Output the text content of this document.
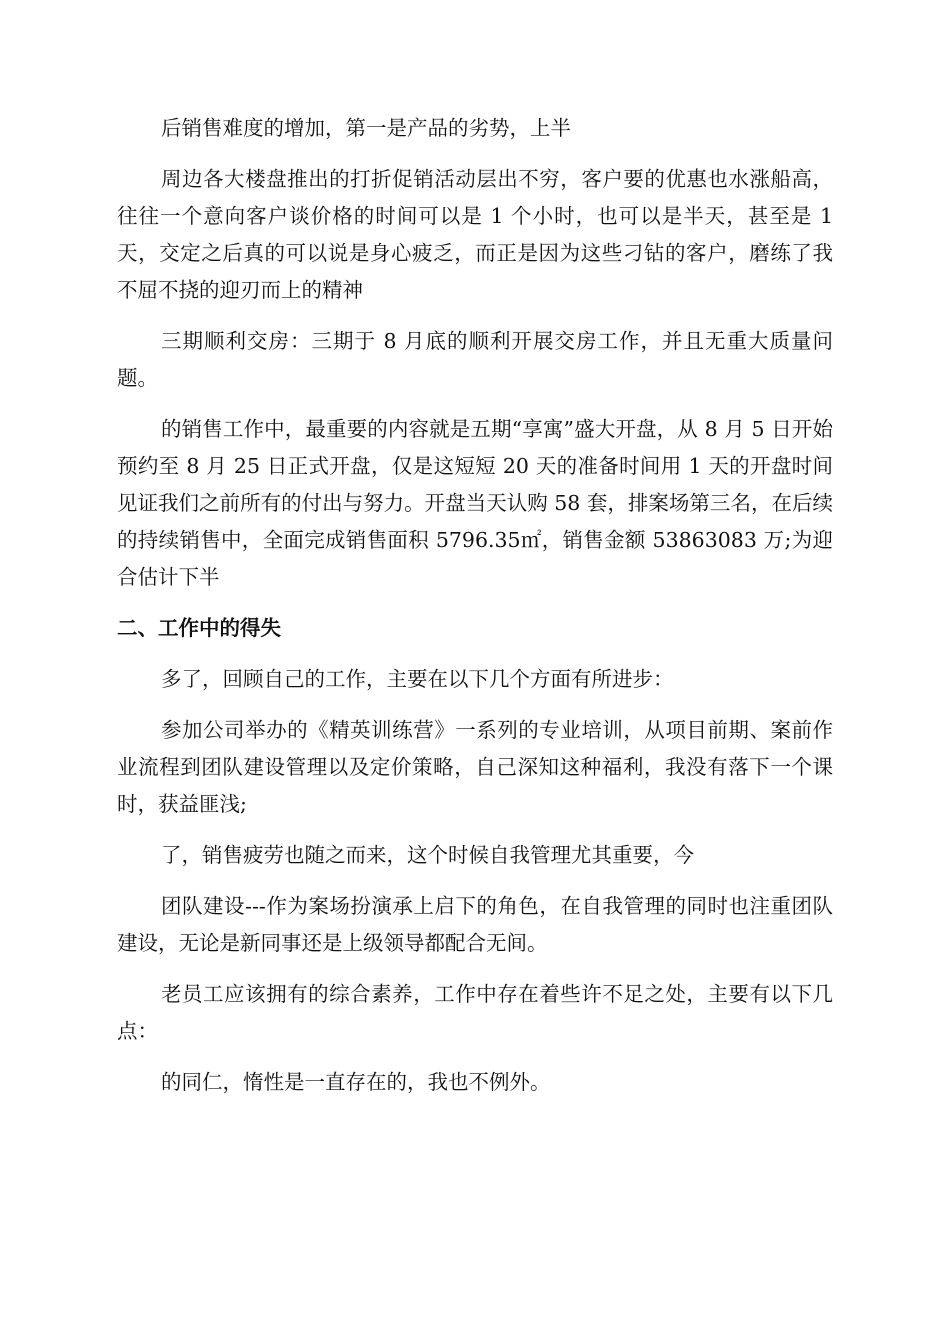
后销售难度的增加，第一是产品的劣势，上半

周边各大楼盘推出的打折促销活动层出不穷，客户要的优惠也水涨船高，往往一个意向客户谈价格的时间可以是 1 个小时，也可以是半天，甚至是 1 天，交定之后真的可以说是身心疲乏，而正是因为这些刁钻的客户，磨练了我不屈不挠的迎刃而上的精神

三期顺利交房：三期于 8 月底的顺利开展交房工作，并且无重大质量问题。

的销售工作中，最重要的内容就是五期“享寓”盛大开盘，从 8 月 5 日开始预约至 8 月 25 日正式开盘，仅是这短短 20 天的准备时间用 1 天的开盘时间见证我们之前所有的付出与努力。开盘当天认购 58 套，排案场第三名，在后续的持续销售中，全面完成销售面积 5796.35㎡，销售金额 53863083 万;为迎合估计下半

二、工作中的得失

多了，回顾自己的工作，主要在以下几个方面有所进步：

参加公司举办的《精英训练营》一系列的专业培训，从项目前期、案前作业流程到团队建设管理以及定价策略，自己深知这种福利，我没有落下一个课时，获益匪浅;

了，销售疲劳也随之而来，这个时候自我管理尤其重要，今

团队建设---作为案场扮演承上启下的角色，在自我管理的同时也注重团队建设，无论是新同事还是上级领导都配合无间。

老员工应该拥有的综合素养，工作中存在着些许不足之处，主要有以下几点：

的同仁，惰性是一直存在的，我也不例外。
